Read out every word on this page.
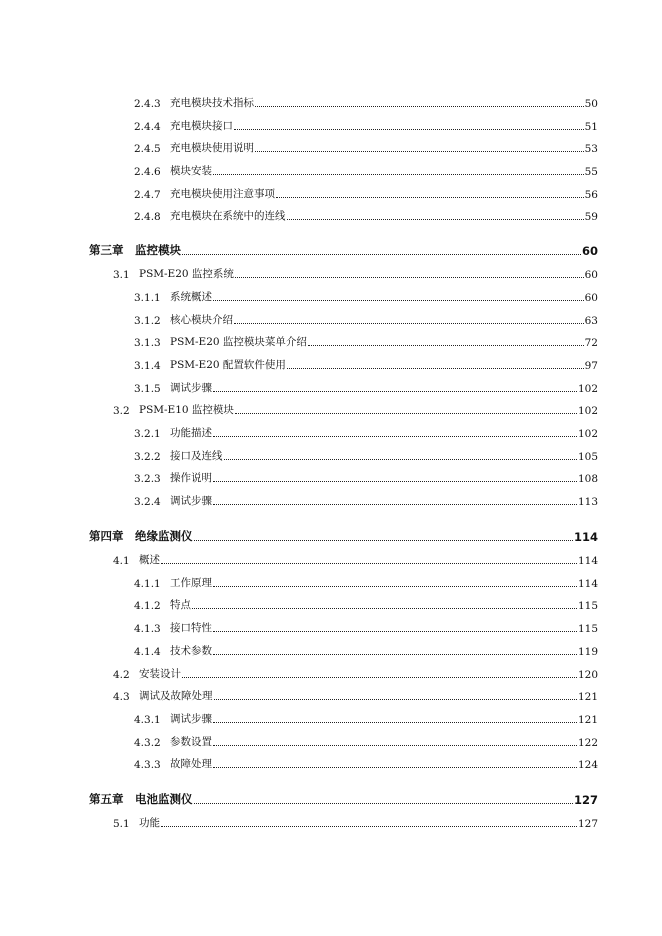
2.4.3 充电模块技术指标	50
2.4.4 充电模块接口	51
2.4.5 充电模块使用说明	53
2.4.6 模块安装	55
2.4.7 充电模块使用注意事项	56
2.4.8 充电模块在系统中的连线	59
第三章	监控模块	60
3.1 PSM-E20 监控系统	60
3.1.1 系统概述	60
3.1.2 核心模块介绍	63
3.1.3 PSM-E20 监控模块菜单介绍	72
3.1.4 PSM-E20 配置软件使用	97
3.1.5 调试步骤	102
3.2 PSM-E10 监控模块	102
3.2.1 功能描述	102
3.2.2 接口及连线	105
3.2.3 操作说明	108
3.2.4 调试步骤	113
第四章	绝缘监测仪	114
4.1 概述	114
4.1.1 工作原理	114
4.1.2 特点	115
4.1.3 接口特性	115
4.1.4 技术参数	119
4.2 安装设计	120
4.3 调试及故障处理	121
4.3.1 调试步骤	121
4.3.2 参数设置	122
4.3.3 故障处理	124
第五章	电池监测仪	127
5.1 功能	127
